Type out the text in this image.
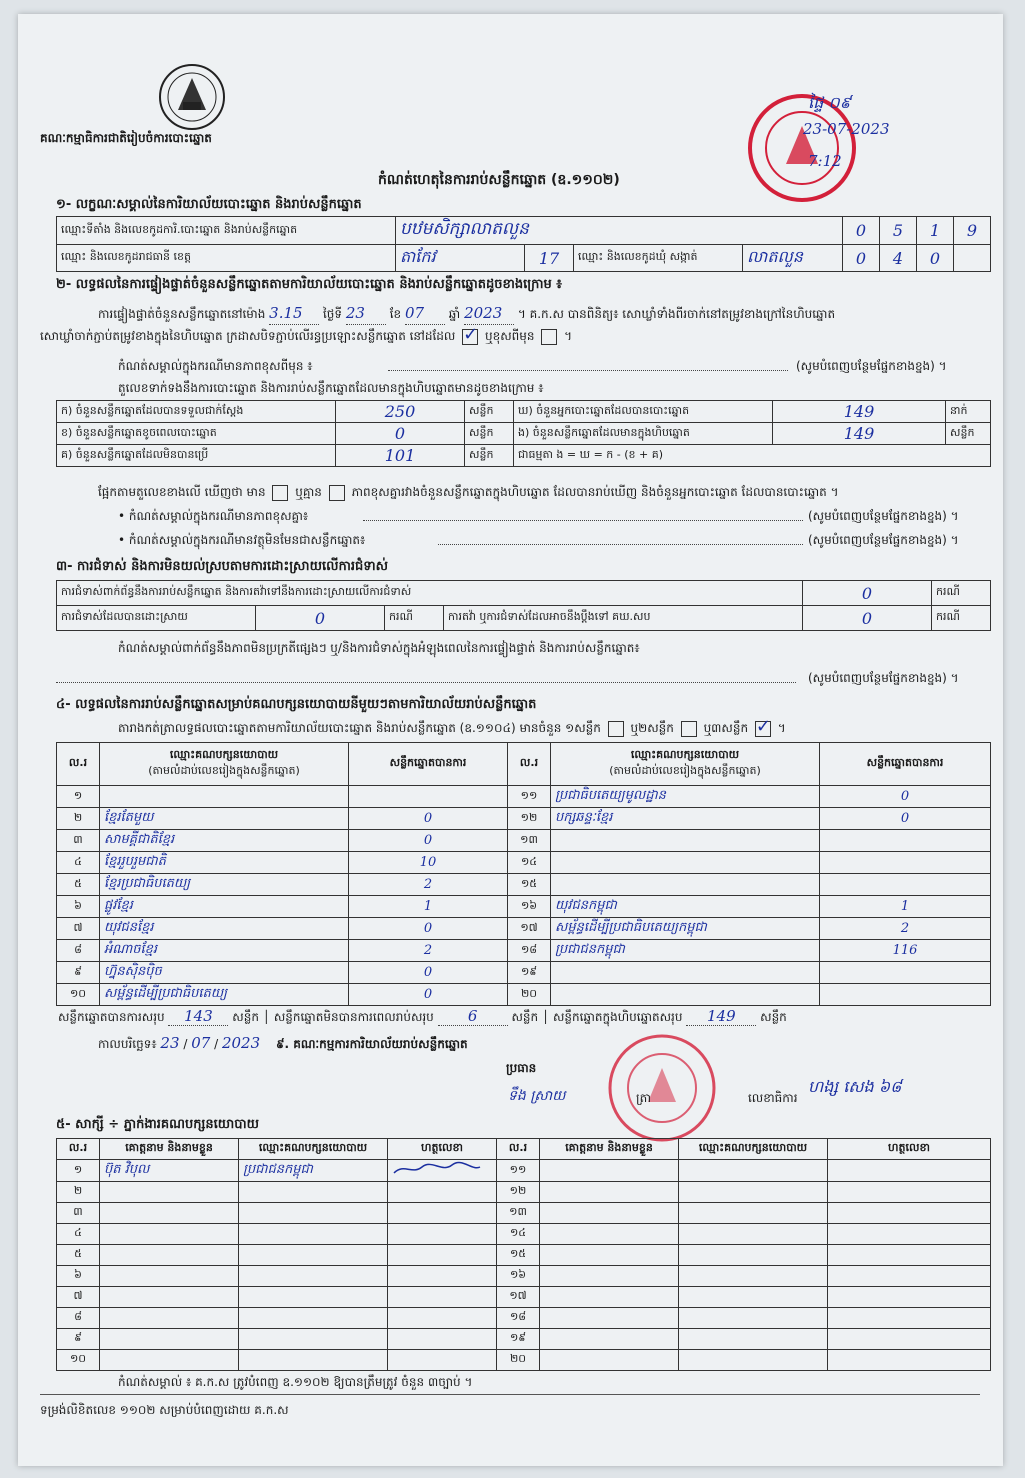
គណៈកម្មាធិការជាតិរៀបចំការបោះឆ្នោត
ផ្ទៃ ០៩
23-07-2023
7:12
កំណត់ហេតុនៃការរាប់សន្លឹកឆ្នោត (ឧ.១១០២)
១- លក្ខណៈសម្គាល់នៃការិយាល័យបោះឆ្នោត និងរាប់សន្លឹកឆ្នោត
ឈ្មោះទីតាំង និងលេខកូដការិ.បោះឆ្នោត និងរាប់សន្លឹកឆ្នោត	បឋមសិក្សាលាតលួន				0	5	1	9
ឈ្មោះ និងលេខកូដរាជធានី ខេត្ត	តាកែវ	17	ឈ្មោះ និងលេខកូដឃុំ សង្កាត់	លាតលួន	0	4	0	
២- លទ្ធផលនៃការផ្ទៀងផ្ទាត់ចំនួនសន្លឹកឆ្នោតតាមការិយាល័យបោះឆ្នោត និងរាប់សន្លឹកឆ្នោតដូចខាងក្រោម ៖
ការផ្ទៀងផ្ទាត់ចំនួនសន្លឹកឆ្នោតនៅម៉ោង 3.15 ថ្ងៃទី 23 ខែ 07 ឆ្នាំ 2023 ។ គ.ក.ស បានពិនិត្យ៖ សោឃ្លាំទាំងពីរចាក់នៅតម្រូវខាងក្រៅនៃហិបឆ្នោត
សោឃ្លាំចាក់ភ្ជាប់តម្រូវខាងក្នុងនៃហិបឆ្នោត ក្រដាសបិទភ្ជាប់លើរន្ធប្រឡោះសន្លឹកឆ្នោត នៅដដែល ✓ ឬខុសពីមុន ។
កំណត់សម្គាល់ក្នុងករណីមានភាពខុសពីមុន ៖	(សូមបំពេញបន្ថែមផ្នែកខាងខ្នង) ។
តួលេខទាក់ទងនឹងការបោះឆ្នោត និងការរាប់សន្លឹកឆ្នោតដែលមានក្នុងហិបឆ្នោតមានដូចខាងក្រោម ៖
ក) ចំនួនសន្លឹកឆ្នោតដែលបានទទួលជាក់ស្ដែង	250	សន្លឹក	ឃ) ចំនួនអ្នកបោះឆ្នោតដែលបានបោះឆ្នោត	149	នាក់
ខ) ចំនួនសន្លឹកឆ្នោតខូចពេលបោះឆ្នោត	0	សន្លឹក	ង) ចំនួនសន្លឹកឆ្នោតដែលមានក្នុងហិបឆ្នោត	149	សន្លឹក
គ) ចំនួនសន្លឹកឆ្នោតដែលមិនបានប្រើ	101	សន្លឹក	ជាធម្មតា ង = ឃ = ក - (ខ + គ)		
ផ្អែកតាមតួលេខខាងលើ ឃើញថា មាន ឬគ្មាន ភាពខុសគ្នារវាងចំនួនសន្លឹកឆ្នោតក្នុងហិបឆ្នោត ដែលបានរាប់ឃើញ និងចំនួនអ្នកបោះឆ្នោត ដែលបានបោះឆ្នោត ។
• កំណត់សម្គាល់ក្នុងករណីមានភាពខុសគ្នា៖	(សូមបំពេញបន្ថែមផ្នែកខាងខ្នង) ។
• កំណត់សម្គាល់ក្នុងករណីមានវត្ថុមិនមែនជាសន្លឹកឆ្នោត៖	(សូមបំពេញបន្ថែមផ្នែកខាងខ្នង) ។
៣- ការជំទាស់ និងការមិនយល់ស្របតាមការដោះស្រាយលើការជំទាស់
ការជំទាស់ពាក់ព័ន្ធនឹងការរាប់សន្លឹកឆ្នោត និងការតវ៉ាទៅនឹងការដោះស្រាយលើការជំទាស់				0	ករណី
ការជំទាស់ដែលបានដោះស្រាយ	0	ករណី	ការតវ៉ា ឬការជំទាស់ដែលអាចនឹងប្ដឹងទៅ គឃ.សប	0	ករណី
កំណត់សម្គាល់ពាក់ព័ន្ធនឹងភាពមិនប្រក្រតីផ្សេងៗ ឬ/និងការជំទាស់ក្នុងអំឡុងពេលនៃការផ្ទៀងផ្ទាត់ និងការរាប់សន្លឹកឆ្នោត៖
(សូមបំពេញបន្ថែមផ្នែកខាងខ្នង) ។
៤- លទ្ធផលនៃការរាប់សន្លឹកឆ្នោតសម្រាប់គណបក្សនយោបាយនីមួយៗតាមការិយាល័យរាប់សន្លឹកឆ្នោត
តារាងកត់ត្រាលទ្ធផលបោះឆ្នោតតាមការិយាល័យបោះឆ្នោត និងរាប់សន្លឹកឆ្នោត (ឧ.១១០៤) មានចំនួន ១សន្លឹក ឬ២សន្លឹក ឬ៣សន្លឹក ✓ ។
ល.រ	ឈ្មោះគណបក្សនយោបាយ
(តាមលំដាប់លេខរៀងក្នុងសន្លឹកឆ្នោត)	សន្លឹកឆ្នោតបានការ	ល.រ	ឈ្មោះគណបក្សនយោបាយ
(តាមលំដាប់លេខរៀងក្នុងសន្លឹកឆ្នោត)	សន្លឹកឆ្នោតបានការ
១			១១	ប្រជាធិបតេយ្យមូលដ្ឋាន	0
២	ខ្មែរតែមួយ	0	១២	បក្សឆន្ទៈខ្មែរ	0
៣	សាមគ្គីជាតិខ្មែរ	0	១៣		
៤	ខ្មែររួបរួមជាតិ	10	១៤		
៥	ខ្មែរប្រជាធិបតេយ្យ	2	១៥		
៦	ផ្លូវខ្មែរ	1	១៦	យុវជនកម្ពុជា	1
៧	យុវជនខ្មែរ	0	១៧	សម្ព័ន្ធដើម្បីប្រជាធិបតេយ្យកម្ពុជា	2
៨	អំណាចខ្មែរ	2	១៨	ប្រជាជនកម្ពុជា	116
៩	ហ្វ៊ុនស៊ិនប៉ិច	0	១៩		
១០	សម្ព័ន្ធដើម្បីប្រជាធិបតេយ្យ	0	២០		
សន្លឹកឆ្នោតបានការសរុប 143 សន្លឹក │ សន្លឹកឆ្នោតមិនបានការពេលរាប់សរុប 6	សន្លឹក │ សន្លឹកឆ្នោតក្នុងហិបឆ្នោតសរុប 149 សន្លឹក
កាលបរិច្ឆេទ៖ 23 / 07 / 2023 ៩. គណៈកម្មការការិយាល័យរាប់សន្លឹកឆ្នោត
ប្រធាន
ទឹង ស្រាយ	ត្រា	លេខាធិការ
ហង្ស សេង ៦៨
៥- សាក្សី ÷ ភ្នាក់ងារគណបក្សនយោបាយ
ល.រ	គោត្តនាម និងនាមខ្លួន	ឈ្មោះគណបក្សនយោបាយ	ហត្ថលេខា	ល.រ	គោត្តនាម និងនាមខ្លួន	ឈ្មោះគណបក្សនយោបាយ	ហត្ថលេខា
១	ប៊ុត វិបុល	ប្រជាជនកម្ពុជា		១១			
២				១២			
៣				១៣			
៤				១៤			
៥				១៥			
៦				១៦			
៧				១៧			
៨				១៨			
៩				១៩			
១០				២០			
កំណត់សម្គាល់ ៖ គ.ក.ស ត្រូវបំពេញ ឧ.១១០២ ឱ្យបានត្រឹមត្រូវ ចំនួន ៣ច្បាប់ ។
ទម្រង់លិខិតលេខ ១១០២ សម្រាប់បំពេញដោយ គ.ក.ស
